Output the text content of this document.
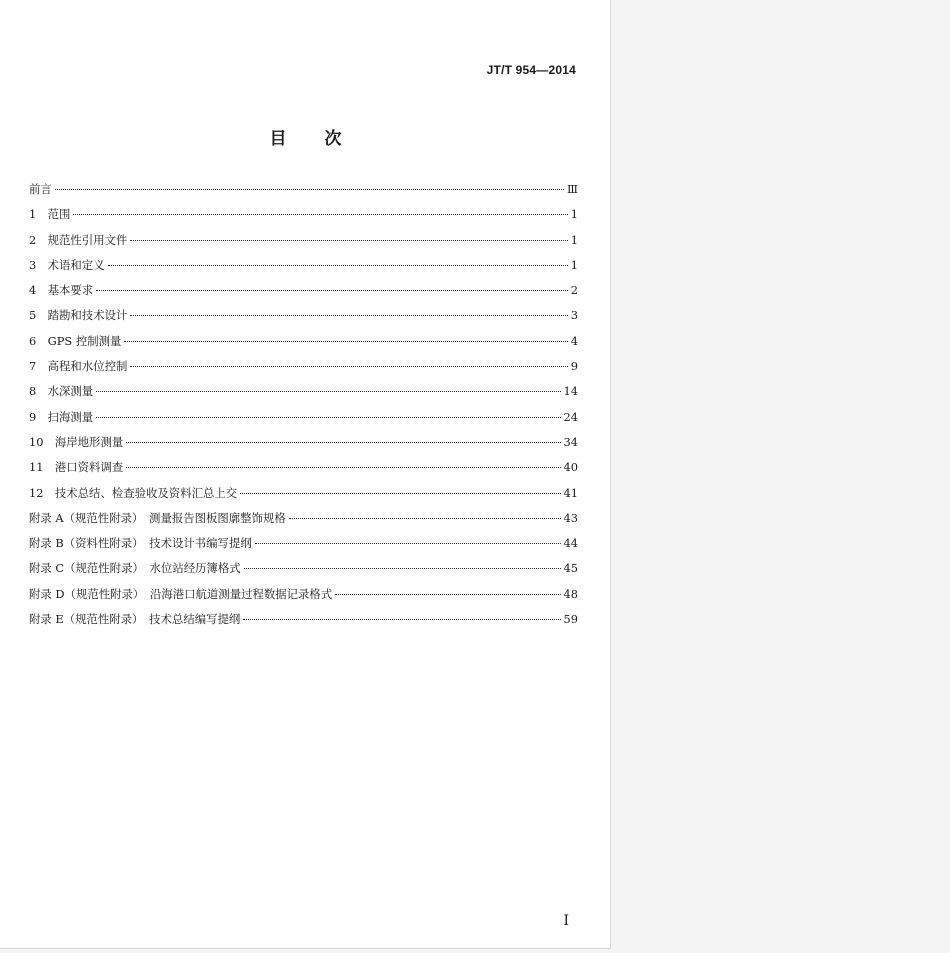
JT/T 954—2014
目 次
前言	Ⅲ
1　范围	1
2　规范性引用文件	1
3　术语和定义	1
4　基本要求	2
5　踏勘和技术设计	3
6　GPS 控制测量	4
7　高程和水位控制	9
8　水深测量	14
9　扫海测量	24
10　海岸地形测量	34
11　港口资料调查	40
12　技术总结、检查验收及资料汇总上交	41
附录 A（规范性附录）　测量报告图板图廓整饰规格	43
附录 B（资料性附录）　技术设计书编写提纲	44
附录 C（规范性附录）　水位站经历簿格式	45
附录 D（规范性附录）　沿海港口航道测量过程数据记录格式	48
附录 E（规范性附录）　技术总结编写提纲	59
I
